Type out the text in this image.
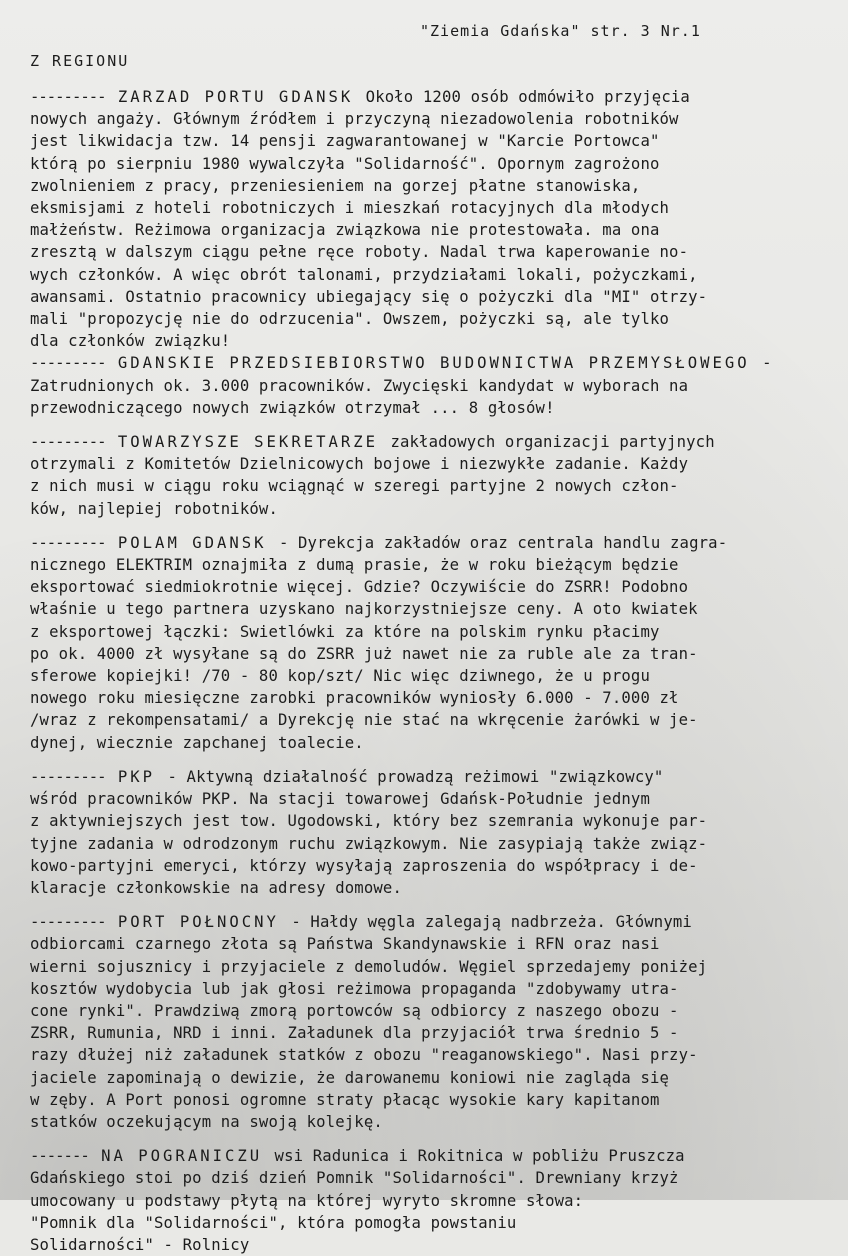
"Ziemia Gdańska" str. 3 Nr.1
Z REGIONU
--------- ZARZAD PORTU GDANSK Około 1200 osób odmówiło przyjęcia
nowych angaży. Głównym źródłem i przyczyną niezadowolenia robotników
jest likwidacja tzw. 14 pensji zagwarantowanej w "Karcie Portowca"
którą po sierpniu 1980 wywalczyła "Solidarność". Opornym zagrożono
zwolnieniem z pracy, przeniesieniem na gorzej płatne stanowiska,
eksmisjami z hoteli robotniczych i mieszkań rotacyjnych dla młodych
małżeństw. Reżimowa organizacja związkowa nie protestowała. ma ona
zresztą w dalszym ciągu pełne ręce roboty. Nadal trwa kaperowanie no-
wych członków. A więc obrót talonami, przydziałami lokali, pożyczkami,
awansami. Ostatnio pracownicy ubiegający się o pożyczki dla "MI" otrzy-
mali "propozycję nie do odrzucenia". Owszem, pożyczki są, ale tylko
dla członków związku!
--------- GDANSKIE PRZEDSIEBIORSTWO BUDOWNICTWA PRZEMYSŁOWEGO -
Zatrudnionych ok. 3.000 pracowników. Zwycięski kandydat w wyborach na
przewodniczącego nowych związków otrzymał ... 8 głosów!
--------- TOWARZYSZE SEKRETARZE zakładowych organizacji partyjnych
otrzymali z Komitetów Dzielnicowych bojowe i niezwykłe zadanie. Każdy
z nich musi w ciągu roku wciągnąć w szeregi partyjne 2 nowych człon-
ków, najlepiej robotników.
--------- POLAM GDANSK - Dyrekcja zakładów oraz centrala handlu zagra-
nicznego ELEKTRIM oznajmiła z dumą prasie, że w roku bieżącym będzie
eksportować siedmiokrotnie więcej. Gdzie? Oczywiście do ZSRR! Podobno
właśnie u tego partnera uzyskano najkorzystniejsze ceny. A oto kwiatek
z eksportowej łączki: Swietlówki za które na polskim rynku płacimy
po ok. 4000 zł wysyłane są do ZSRR już nawet nie za ruble ale za tran-
sferowe kopiejki! /70 - 80 kop/szt/ Nic więc dziwnego, że u progu
nowego roku miesięczne zarobki pracowników wyniosły 6.000 - 7.000 zł
/wraz z rekompensatami/ a Dyrekcję nie stać na wkręcenie żarówki w je-
dynej, wiecznie zapchanej toalecie.
--------- PKP - Aktywną działalność prowadzą reżimowi "związkowcy"
wśród pracowników PKP. Na stacji towarowej Gdańsk-Południe jednym
z aktywniejszych jest tow. Ugodowski, który bez szemrania wykonuje par-
tyjne zadania w odrodzonym ruchu związkowym. Nie zasypiają także związ-
kowo-partyjni emeryci, którzy wysyłają zaproszenia do współpracy i de-
klaracje członkowskie na adresy domowe.
--------- PORT POŁNOCNY - Hałdy węgla zalegają nadbrzeża. Głównymi
odbiorcami czarnego złota są Państwa Skandynawskie i RFN oraz nasi
wierni sojusznicy i przyjaciele z demoludów. Węgiel sprzedajemy poniżej
kosztów wydobycia lub jak głosi reżimowa propaganda "zdobywamy utra-
cone rynki". Prawdziwą zmorą portowców są odbiorcy z naszego obozu -
ZSRR, Rumunia, NRD i inni. Załadunek dla przyjaciół trwa średnio 5 -
razy dłużej niż załadunek statków z obozu "reaganowskiego". Nasi przy-
jaciele zapominają o dewizie, że darowanemu koniowi nie zagląda się
w zęby. A Port ponosi ogromne straty płacąc wysokie kary kapitanom
statków oczekującym na swoją kolejkę.
------- NA POGRANICZU wsi Radunica i Rokitnica w pobliżu Pruszcza
Gdańskiego stoi po dziś dzień Pomnik "Solidarności". Drewniany krzyż
umocowany u podstawy płytą na której wyryto skromne słowa:
"Pomnik dla "Solidarności", która pomogła powstaniu
Solidarności" - Rolnicy
